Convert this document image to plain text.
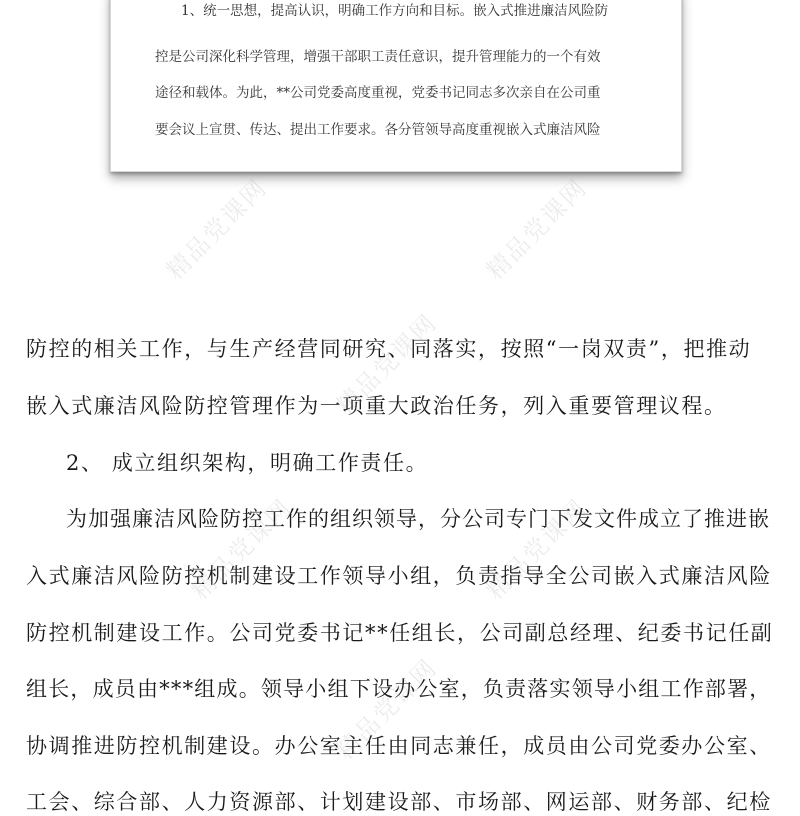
1、统一思想，提高认识，明确工作方向和目标。嵌入式推进廉洁风险防

控是公司深化科学管理，增强干部职工责任意识，提升管理能力的一个有效

途径和载体。为此，**公司党委高度重视，党委书记同志多次亲自在公司重

要会议上宣贯、传达、提出工作要求。各分管领导高度重视嵌入式廉洁风险

精品党课网	精品党课网
精品党课网
精品党课网	精品党课网
精品党课网

防控的相关工作，与生产经营同研究、同落实，按照“一岗双责”，把推动

嵌入式廉洁风险防控管理作为一项重大政治任务，列入重要管理议程。

2、 成立组织架构，明确工作责任。

为加强廉洁风险防控工作的组织领导，分公司专门下发文件成立了推进嵌

入式廉洁风险防控机制建设工作领导小组，负责指导全公司嵌入式廉洁风险

防控机制建设工作。公司党委书记**任组长，公司副总经理、纪委书记任副

组长，成员由***组成。领导小组下设办公室，负责落实领导小组工作部署，

协调推进防控机制建设。办公室主任由同志兼任，成员由公司党委办公室、

工会、综合部、人力资源部、计划建设部、市场部、网运部、财务部、纪检
